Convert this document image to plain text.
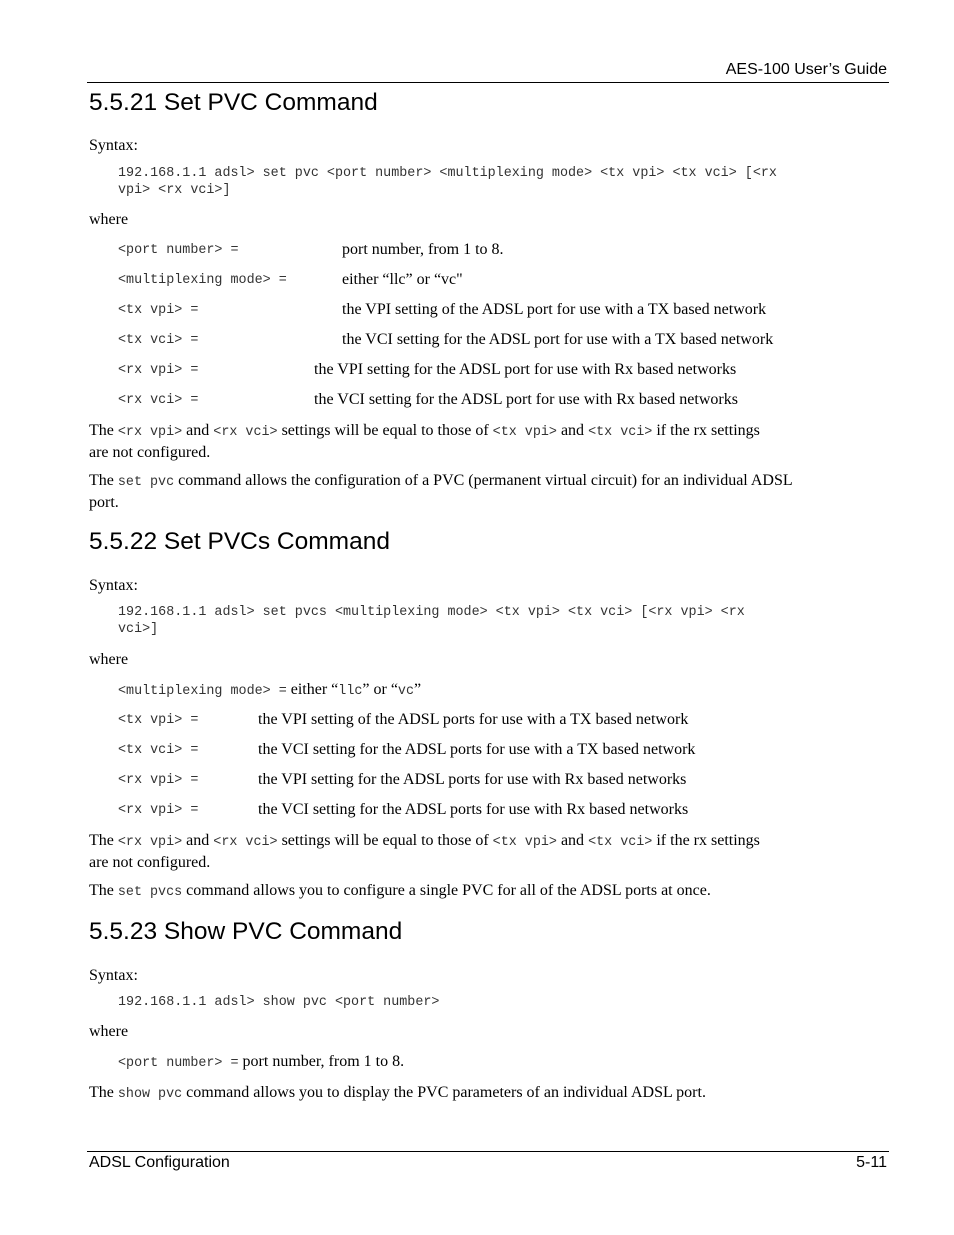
AES-100 User’s Guide
5.5.21 Set PVC Command
Syntax:
192.168.1.1 adsl> set pvc <port number> <multiplexing mode> <tx vpi> <tx vci> [<rx
vpi> <rx vci>]
where
<port number> =	port number, from 1 to 8.
<multiplexing mode> =	either “llc” or “vc"
<tx vpi> =	the VPI setting of the ADSL port for use with a TX based network
<tx vci> =	the VCI setting for the ADSL port for use with a TX based network
<rx vpi> =	the VPI setting for the ADSL port for use with Rx based networks
<rx vci> =	the VCI setting for the ADSL port for use with Rx based networks
The <rx vpi> and <rx vci> settings will be equal to those of <tx vpi> and <tx vci> if the rx settings
are not configured.
The set pvc command allows the configuration of a PVC (permanent virtual circuit) for an individual ADSL
port.
5.5.22 Set PVCs Command
Syntax:
192.168.1.1 adsl> set pvcs <multiplexing mode> <tx vpi> <tx vci> [<rx vpi> <rx
vci>]
where
<multiplexing mode> = either “llc” or “vc”
<tx vpi> =	the VPI setting of the ADSL ports for use with a TX based network
<tx vci> =	the VCI setting for the ADSL ports for use with a TX based network
<rx vpi> =	the VPI setting for the ADSL ports for use with Rx based networks
<rx vpi> =	the VCI setting for the ADSL ports for use with Rx based networks
The <rx vpi> and <rx vci> settings will be equal to those of <tx vpi> and <tx vci> if the rx settings
are not configured.
The set pvcs command allows you to configure a single PVC for all of the ADSL ports at once.
5.5.23 Show PVC Command
Syntax:
192.168.1.1 adsl> show pvc <port number>
where
<port number> = port number, from 1 to 8.
The show pvc command allows you to display the PVC parameters of an individual ADSL port.
ADSL Configuration	5-11
